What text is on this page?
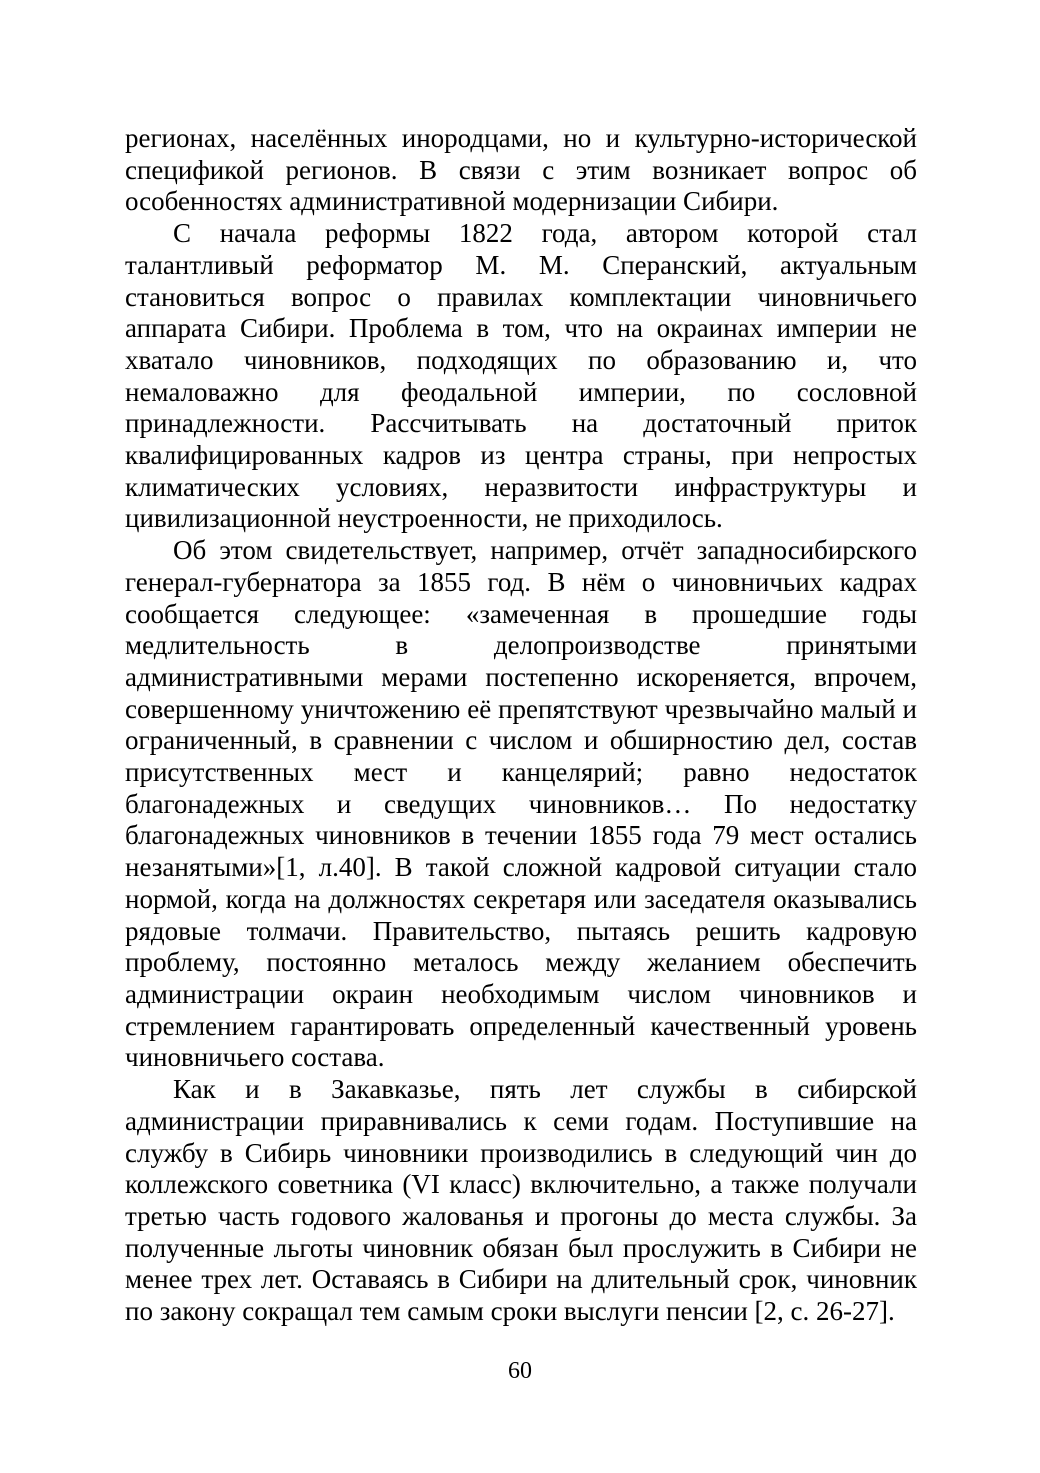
регионах, населённых инородцами, но и культурно-исторической спецификой регионов. В связи с этим возникает вопрос об особенностях административной модернизации Сибири.

С начала реформы 1822 года, автором которой стал талантливый реформатор М. М. Сперанский, актуальным становиться вопрос о правилах комплектации чиновничьего аппарата Сибири. Проблема в том, что на окраинах империи не хватало чиновников, подходящих по образованию и, что немаловажно для феодальной империи, по сословной принадлежности. Рассчитывать на достаточный приток квалифицированных кадров из центра страны, при непростых климатических условиях, неразвитости инфраструктуры и цивилизационной неустроенности, не приходилось.

Об этом свидетельствует, например, отчёт западносибирского генерал-губернатора за 1855 год. В нём о чиновничьих кадрах сообщается следующее: «замеченная в прошедшие годы медлительность в делопроизводстве принятыми административными мерами постепенно искореняется, впрочем, совершенному уничтожению её препятствуют чрезвычайно малый и ограниченный, в сравнении с числом и обширностию дел, состав присутственных мест и канцелярий; равно недостаток благонадежных и сведущих чиновников… По недостатку благонадежных чиновников в течении 1855 года 79 мест остались незанятыми»[1, л.40]. В такой сложной кадровой ситуации стало нормой, когда на должностях секретаря или заседателя оказывались рядовые толмачи. Правительство, пытаясь решить кадровую проблему, постоянно металось между желанием обеспечить администрации окраин необходимым числом чиновников и стремлением гарантировать определенный качественный уровень чиновничьего состава.

Как и в Закавказье, пять лет службы в сибирской администрации приравнивались к семи годам. Поступившие на службу в Сибирь чиновники производились в следующий чин до коллежского советника (VI класс) включительно, а также получали третью часть годового жалованья и прогоны до места службы. За полученные льготы чиновник обязан был прослужить в Сибири не менее трех лет. Оставаясь в Сибири на длительный срок, чиновник по закону сокращал тем самым сроки выслуги пенсии [2, с. 26-27].

60
